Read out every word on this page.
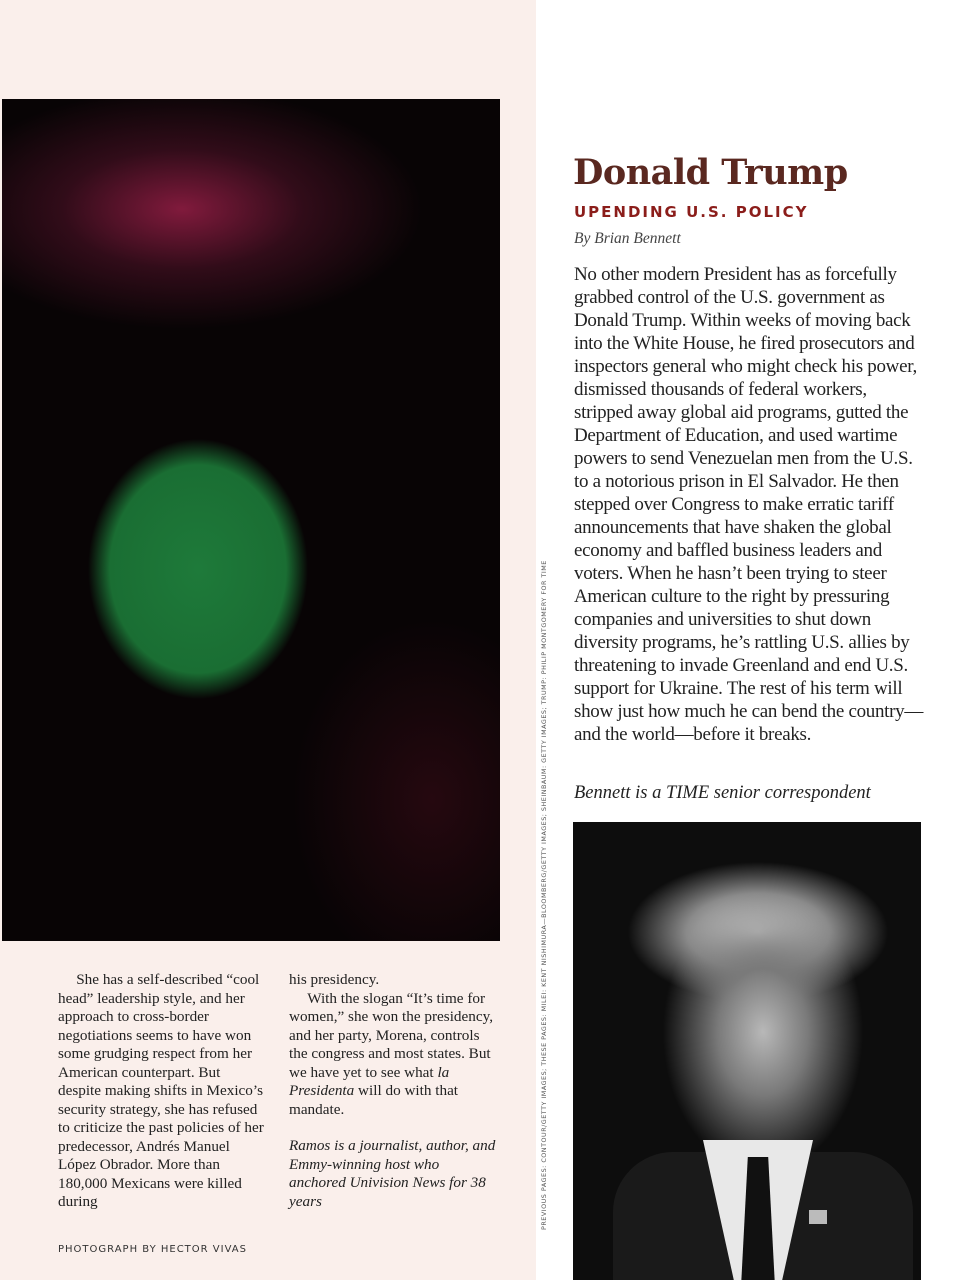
She has a self-described “cool head” leadership style, and her approach to cross-border negotiations seems to have won some grudging respect from her American counterpart. But despite making shifts in Mexico’s security strategy, she has refused to criticize the past policies of her predecessor, Andrés Manuel López Obrador. More than 180,000 Mexicans were killed during

his presidency.

With the slogan “It’s time for women,” she won the presidency, and her party, Morena, controls the congress and most states. But we have yet to see what la Presidenta will do with that mandate.

Ramos is a journalist, author, and Emmy-winning host who anchored Univision News for 38 years

PHOTOGRAPH BY HECTOR VIVAS

PREVIOUS PAGES: CONTOUR/GETTY IMAGES; THESE PAGES: MILEI: KENT NISHIMURA—BLOOMBERG/GETTY IMAGES; SHEINBAUM: GETTY IMAGES; TRUMP: PHILIP MONTGOMERY FOR TIME
Donald Trump

UPENDING U.S. POLICY

By Brian Bennett

No other modern President has as forcefully grabbed control of the U.S. government as Donald Trump. Within weeks of moving back into the White House, he fired prosecutors and inspectors general who might check his power, dismissed thousands of federal workers, stripped away global aid programs, gutted the Department of Education, and used wartime powers to send Venezuelan men from the U.S. to a notorious prison in El Salvador. He then stepped over Congress to make erratic tariff announcements that have shaken the global economy and baffled business leaders and voters. When he hasn’t been trying to steer American culture to the right by pressuring companies and universities to shut down diversity programs, he’s rattling U.S. allies by threatening to invade Greenland and end U.S. support for Ukraine. The rest of his term will show just how much he can bend the country—and the world—before it breaks.

Bennett is a TIME senior correspondent
